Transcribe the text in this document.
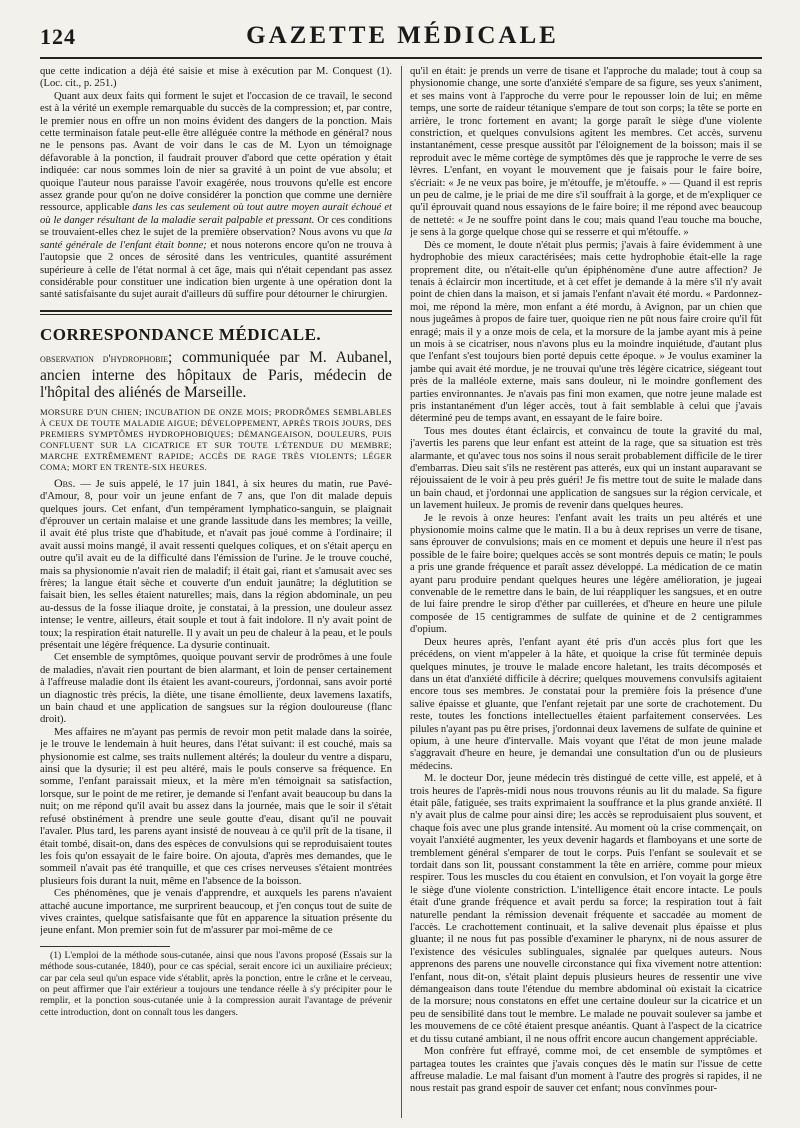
124	GAZETTE MÉDICALE

que cette indication a déjà été saisie et mise à exécution par M. Conquest (1). (Loc. cit., p. 251.)

Quant aux deux faits qui forment le sujet et l'occasion de ce travail, le second est à la vérité un exemple remarquable du succès de la compression; et, par contre, le premier nous en offre un non moins évident des dangers de la ponction. Mais cette terminaison fatale peut-elle être alléguée contre la méthode en général? nous ne le pensons pas. Avant de voir dans le cas de M. Lyon un témoignage défavorable à la ponction, il faudrait prouver d'abord que cette opération y était indiquée: car nous sommes loin de nier sa gravité à un point de vue absolu; et quoique l'auteur nous paraisse l'avoir exagérée, nous trouvons qu'elle est encore assez grande pour qu'on ne doive considérer la ponction que comme une dernière ressource, applicable dans les cas seulement où tout autre moyen aurait échoué et où le danger résultant de la maladie serait palpable et pressant. Or ces conditions se trouvaient-elles chez le sujet de la première observation? Nous avons vu que la santé générale de l'enfant était bonne; et nous noterons encore qu'on ne trouva à l'autopsie que 2 onces de sérosité dans les ventricules, quantité assurément supérieure à celle de l'état normal à cet âge, mais qui n'était cependant pas assez considérable pour constituer une indication bien urgente à une opération dont la santé satisfaisante du sujet aurait d'ailleurs dû suffire pour détourner le chirurgien.

CORRESPONDANCE MÉDICALE.

observation d'hydrophobie; communiquée par M. Aubanel, ancien interne des hôpitaux de Paris, médecin de l'hôpital des aliénés de Marseille.

MORSURE D'UN CHIEN; INCUBATION DE ONZE MOIS; PRODRÔMES SEMBLABLES À CEUX DE TOUTE MALADIE AIGUE; DÉVELOPPEMENT, APRÈS TROIS JOURS, DES PREMIERS SYMPTÔMES HYDROPHOBIQUES; DÉMANGEAISON, DOULEURS, PUIS CONFLUENT SUR LA CICATRICE ET SUR TOUTE L'ÉTENDUE DU MEMBRE; MARCHE EXTRÊMEMENT RAPIDE; ACCÈS DE RAGE TRÈS VIOLENTS; LÉGER COMA; MORT EN TRENTE-SIX HEURES.

Obs. — Je suis appelé, le 17 juin 1841, à six heures du matin, rue Pavé-d'Amour, 8, pour voir un jeune enfant de 7 ans, que l'on dit malade depuis quelques jours. Cet enfant, d'un tempérament lymphatico-sanguin, se plaignait d'éprouver un certain malaise et une grande lassitude dans les membres; la veille, il avait été plus triste que d'habitude, et n'avait pas joué comme à l'ordinaire; il avait aussi moins mangé, il avait ressenti quelques coliques, et on s'était aperçu en outre qu'il avait eu de la difficulté dans l'émission de l'urine. Je le trouve couché, mais sa physionomie n'avait rien de maladif; il était gai, riant et s'amusait avec ses frères; la langue était sèche et couverte d'un enduit jaunâtre; la déglutition se faisait bien, les selles étaient naturelles; mais, dans la région abdominale, un peu au-dessus de la fosse iliaque droite, je constatai, à la pression, une douleur assez intense; le ventre, ailleurs, était souple et tout à fait indolore. Il n'y avait point de toux; la respiration était naturelle. Il y avait un peu de chaleur à la peau, et le pouls présentait une légère fréquence. La dysurie continuait.

Cet ensemble de symptômes, quoique pouvant servir de prodrômes à une foule de maladies, n'avait rien pourtant de bien alarmant, et loin de penser certainement à l'affreuse maladie dont ils étaient les avant-coureurs, j'ordonnai, sans avoir porté un diagnostic très précis, la diète, une tisane émolliente, deux lavemens laxatifs, un bain chaud et une application de sangsues sur la région douloureuse (flanc droit).

Mes affaires ne m'ayant pas permis de revoir mon petit malade dans la soirée, je le trouve le lendemain à huit heures, dans l'état suivant: il est couché, mais sa physionomie est calme, ses traits nullement altérés; la douleur du ventre a disparu, ainsi que la dysurie; il est peu altéré, mais le pouls conserve sa fréquence. En somme, l'enfant paraissait mieux, et la mère m'en témoignait sa satisfaction, lorsque, sur le point de me retirer, je demande si l'enfant avait beaucoup bu dans la nuit; on me répond qu'il avait bu assez dans la journée, mais que le soir il s'était refusé obstinément à prendre une seule goutte d'eau, disant qu'il ne pouvait l'avaler. Plus tard, les parens ayant insisté de nouveau à ce qu'il prît de la tisane, il était tombé, disait-on, dans des espèces de convulsions qui se reproduisaient toutes les fois qu'on essayait de le faire boire. On ajouta, d'après mes demandes, que le sommeil n'avait pas été tranquille, et que ces crises nerveuses s'étaient montrées plusieurs fois durant la nuit, même en l'absence de la boisson.

Ces phénomènes, que je venais d'apprendre, et auxquels les parens n'avaient attaché aucune importance, me surprirent beaucoup, et j'en conçus tout de suite de vives craintes, quelque satisfaisante que fût en apparence la situation présente du jeune enfant. Mon premier soin fut de m'assurer par moi-même de ce

(1) L'emploi de la méthode sous-cutanée, ainsi que nous l'avons proposé (Essais sur la méthode sous-cutanée, 1840), pour ce cas spécial, serait encore ici un auxiliaire précieux; car par cela seul qu'un espace vide s'établit, après la ponction, entre le crâne et le cerveau, on peut affirmer que l'air extérieur a toujours une tendance réelle à s'y précipiter pour le remplir, et la ponction sous-cutanée unie à la compression aurait l'avantage de prévenir cette introduction, dont on connaît tous les dangers.

qu'il en était: je prends un verre de tisane et l'approche du malade; tout à coup sa physionomie change, une sorte d'anxiété s'empare de sa figure, ses yeux s'animent, et ses mains vont à l'approche du verre pour le repousser loin de lui; en même temps, une sorte de raideur tétanique s'empare de tout son corps; la tête se porte en arrière, le tronc fortement en avant; la gorge paraît le siège d'une violente constriction, et quelques convulsions agitent les membres. Cet accès, survenu instantanément, cesse presque aussitôt par l'éloignement de la boisson; mais il se reproduit avec le même cortège de symptômes dès que je rapproche le verre de ses lèvres. L'enfant, en voyant le mouvement que je faisais pour le faire boire, s'écriait: « Je ne veux pas boire, je m'étouffe, je m'étouffe. » — Quand il est repris un peu de calme, je le priai de me dire s'il souffrait à la gorge, et de m'expliquer ce qu'il éprouvait quand nous essayions de le faire boire; il me répond avec beaucoup de netteté: « Je ne souffre point dans le cou; mais quand l'eau touche ma bouche, je sens à la gorge quelque chose qui se resserre et qui m'étouffe. »

Dès ce moment, le doute n'était plus permis; j'avais à faire évidemment à une hydrophobie des mieux caractérisées; mais cette hydrophobie était-elle la rage proprement dite, ou n'était-elle qu'un épiphénomène d'une autre affection? Je tenais à éclaircir mon incertitude, et à cet effet je demande à la mère s'il n'y avait point de chien dans la maison, et si jamais l'enfant n'avait été mordu. « Pardonnez-moi, me répond la mère, mon enfant a été mordu, à Avignon, par un chien que nous jugeâmes à propos de faire tuer, quoique rien ne pût nous faire croire qu'il fût enragé; mais il y a onze mois de cela, et la morsure de la jambe ayant mis à peine un mois à se cicatriser, nous n'avons plus eu la moindre inquiétude, d'autant plus que l'enfant s'est toujours bien porté depuis cette époque. » Je voulus examiner la jambe qui avait été mordue, je ne trouvai qu'une très légère cicatrice, siégeant tout près de la malléole externe, mais sans douleur, ni le moindre gonflement des parties environnantes. Je n'avais pas fini mon examen, que notre jeune malade est pris instantanément d'un léger accès, tout à fait semblable à celui que j'avais déterminé peu de temps avant, en essayant de le faire boire.

Tous mes doutes étant éclaircis, et convaincu de toute la gravité du mal, j'avertis les parens que leur enfant est atteint de la rage, que sa situation est très alarmante, et qu'avec tous nos soins il nous serait probablement difficile de le tirer d'embarras. Dieu sait s'ils ne restèrent pas atterés, eux qui un instant auparavant se réjouissaient de le voir à peu près guéri! Je fis mettre tout de suite le malade dans un bain chaud, et j'ordonnai une application de sangsues sur la région cervicale, et un lavement huileux. Je promis de revenir dans quelques heures.

Je le revois à onze heures: l'enfant avait les traits un peu altérés et une physionomie moins calme que le matin. Il a bu à deux reprises un verre de tisane, sans éprouver de convulsions; mais en ce moment et depuis une heure il n'est pas possible de le faire boire; quelques accès se sont montrés depuis ce matin; le pouls a pris une grande fréquence et paraît assez développé. La médication de ce matin ayant paru produire pendant quelques heures une légère amélioration, je jugeai convenable de le remettre dans le bain, de lui réappliquer les sangsues, et en outre de lui faire prendre le sirop d'éther par cuillerées, et d'heure en heure une pilule composée de 15 centigrammes de sulfate de quinine et de 2 centigrammes d'opium.

Deux heures après, l'enfant ayant été pris d'un accès plus fort que les précédens, on vient m'appeler à la hâte, et quoique la crise fût terminée depuis quelques minutes, je trouve le malade encore haletant, les traits décomposés et dans un état d'anxiété difficile à décrire; quelques mouvemens convulsifs agitaient encore tous ses membres. Je constatai pour la première fois la présence d'une salive épaisse et gluante, que l'enfant rejetait par une sorte de crachotement. Du reste, toutes les fonctions intellectuelles étaient parfaitement conservées. Les pilules n'ayant pas pu être prises, j'ordonnai deux lavemens de sulfate de quinine et opium, à une heure d'intervalle. Mais voyant que l'état de mon jeune malade s'aggravait d'heure en heure, je demandai une consultation d'un ou de plusieurs médecins.

M. le docteur Dor, jeune médecin très distingué de cette ville, est appelé, et à trois heures de l'après-midi nous nous trouvons réunis au lit du malade. Sa figure était pâle, fatiguée, ses traits exprimaient la souffrance et la plus grande anxiété. Il n'y avait plus de calme pour ainsi dire; les accès se reproduisaient plus souvent, et chaque fois avec une plus grande intensité. Au moment où la crise commençait, on voyait l'anxiété augmenter, les yeux devenir hagards et flamboyans et une sorte de tremblement général s'emparer de tout le corps. Puis l'enfant se soulevait et se tordait dans son lit, poussant constamment la tête en arrière, comme pour mieux respirer. Tous les muscles du cou étaient en convulsion, et l'on voyait la gorge être le siège d'une violente constriction. L'intelligence était encore intacte. Le pouls était d'une grande fréquence et avait perdu sa force; la respiration tout à fait naturelle pendant la rémission devenait fréquente et saccadée au moment de l'accès. Le crachottement continuait, et la salive devenait plus épaisse et plus gluante; il ne nous fut pas possible d'examiner le pharynx, ni de nous assurer de l'existence des vésicules sublinguales, signalée par quelques auteurs. Nous apprenons des parens une nouvelle circonstance qui fixa vivement notre attention: l'enfant, nous dit-on, s'était plaint depuis plusieurs heures de ressentir une vive démangeaison dans toute l'étendue du membre abdominal où existait la cicatrice de la morsure; nous constatons en effet une certaine douleur sur la cicatrice et un peu de sensibilité dans tout le membre. Le malade ne pouvait soulever sa jambe et les mouvemens de ce côté étaient presque anéantis. Quant à l'aspect de la cicatrice et du tissu cutané ambiant, il ne nous offrit encore aucun changement appréciable.

Mon confrère fut effrayé, comme moi, de cet ensemble de symptômes et partagea toutes les craintes que j'avais conçues dès le matin sur l'issue de cette affreuse maladie. Le mal faisant d'un moment à l'autre des progrès si rapides, il ne nous restait pas grand espoir de sauver cet enfant; nous convînmes pour-
